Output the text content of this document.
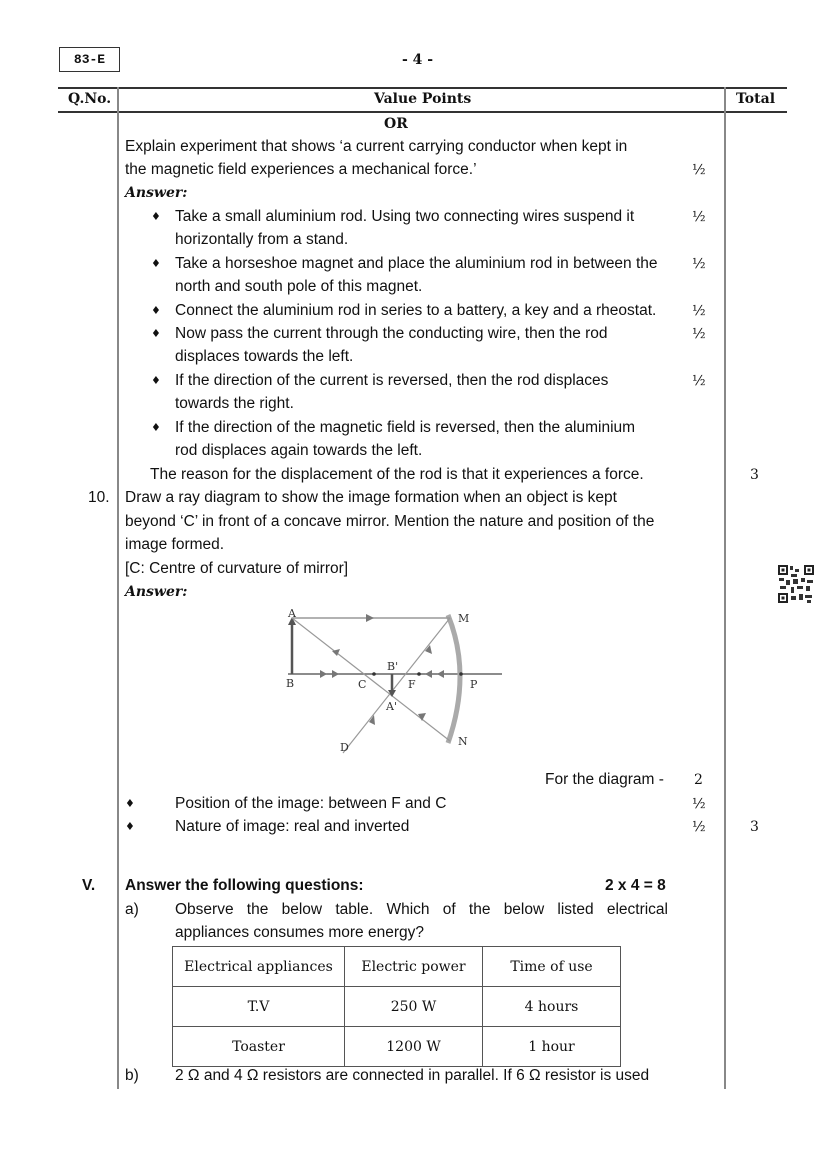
83-E	- 4 -
Q.No.	Value Points	Total
OR
Explain experiment that shows ‘a current carrying conductor when kept in
the magnetic field experiences a mechanical force.’	½
Answer:
♦ Take a small aluminium rod. Using two connecting wires suspend it
horizontally from a stand.
½
♦ Take a horseshoe magnet and place the aluminium rod in between the
north and south pole of this magnet.
½
♦ Connect the aluminium rod in series to a battery, a key and a rheostat.	½
♦ Now pass the current through the conducting wire, then the rod
displaces towards the left.
½
♦ If the direction of the current is reversed, then the rod displaces
towards the right.
½
♦ If the direction of the magnetic field is reversed, then the aluminium
rod displaces again towards the left.
The reason for the displacement of the rod is that it experiences a force.	3
10. Draw a ray diagram to show the image formation when an object is kept
beyond ‘C’ in front of a concave mirror. Mention the nature and position of the
image formed.
[C: Centre of curvature of mirror]
Answer:
A
B	C	F	P
M
N
D
B'
A'
For the diagram - 2
♦	Position of the image: between F and C	½
♦	Nature of image: real and inverted	½	3
V. Answer the following questions:	2 x 4 = 8
a) Observe the below table. Which of the below listed electrical
appliances consumes more energy?
Electrical appliances	Electric power	Time of use
T.V	250 W	4 hours
Toaster	1200 W	1 hour
b) 2 Ω and 4 Ω resistors are connected in parallel. If 6 Ω resistor is used
